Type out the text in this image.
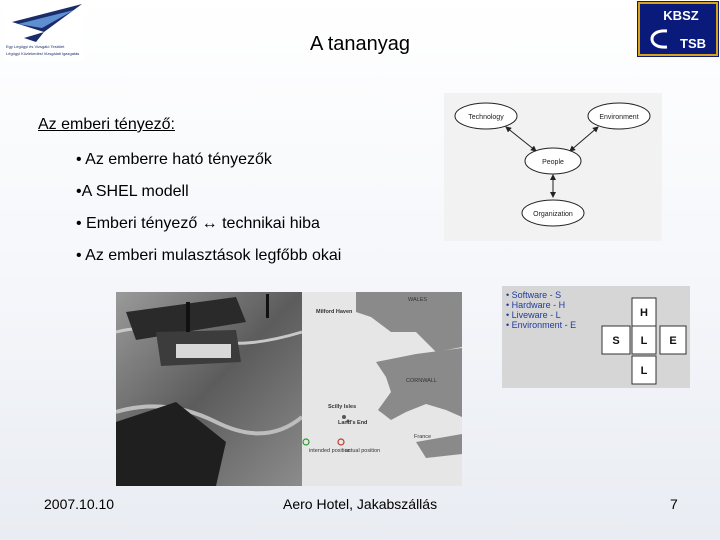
Egy Légügyi és Vizsgáló Testület
Légügyi Közlekedési Vizsgálati Igazgatás
KBSZ
TSB
A tananyag
Az emberi tényező:
• Az emberre ható tényezők
•A SHEL modell
• Emberi tényező ↔ technikai hiba
• Az emberi mulasztások legfőbb okai
Technology	Environment
People
Organization
WALES
Milford Haven
CORNWALL
Scilly Isles
Land's End
France
intended position
actual position
• Software - S
• Hardware - H
• Liveware - L
• Environment - E
H
S L E
L
2007.10.10	Aero Hotel, Jakabszállás	7
